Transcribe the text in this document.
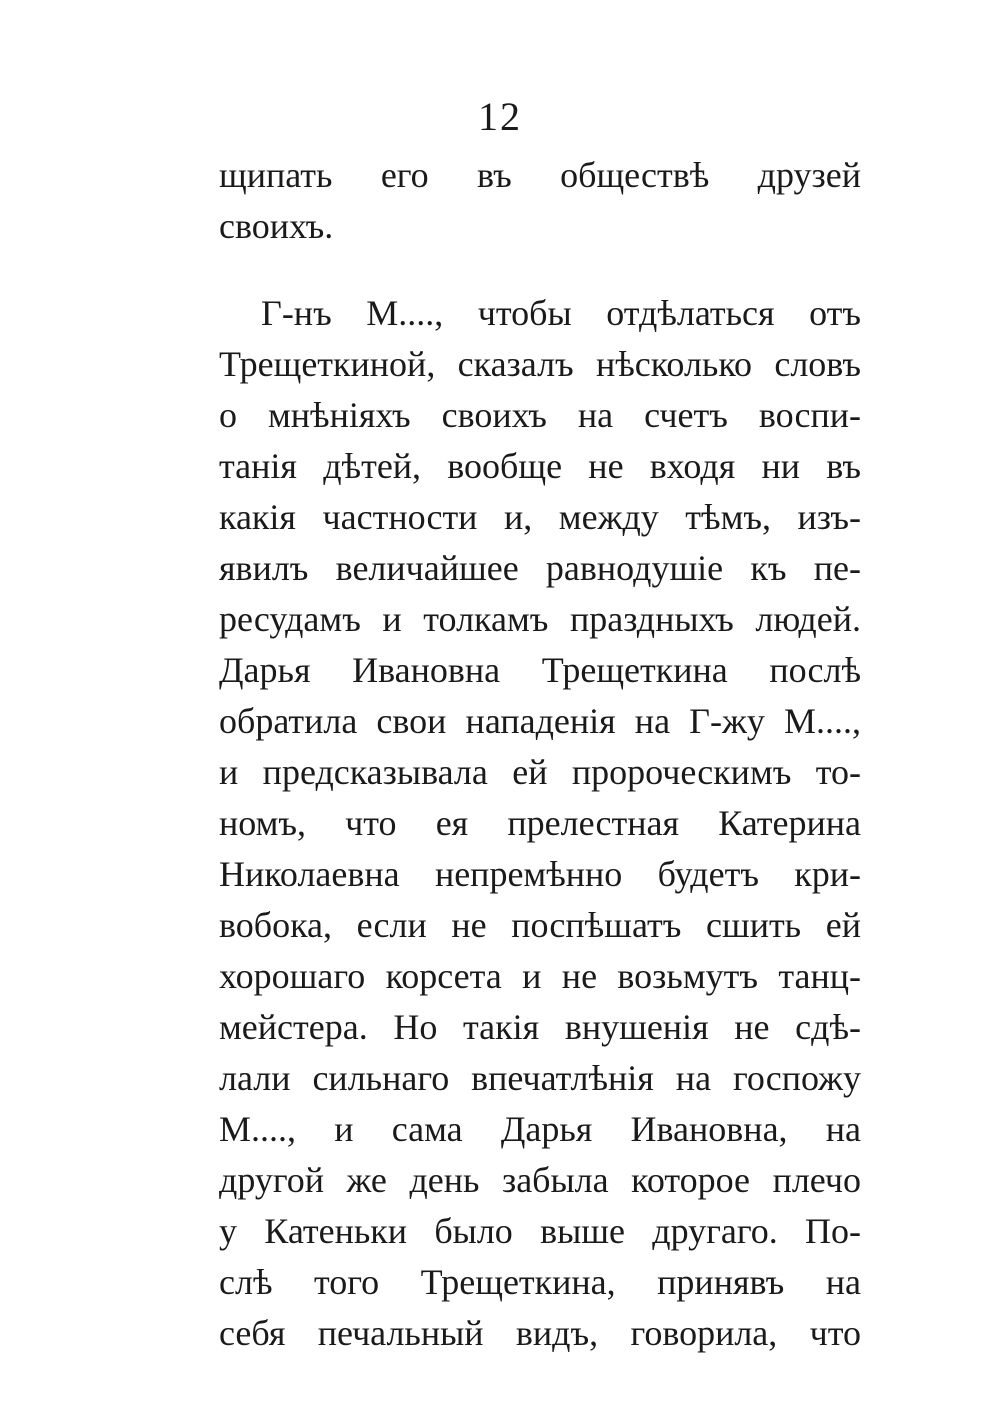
12
щипать его въ обществѣ друзей
своихъ.
Г-нъ М...., чтобы отдѣлаться отъ
Трещеткиной, сказалъ нѣсколько словъ
о мнѣніяхъ своихъ на счетъ воспи-
танія дѣтей, вообще не входя ни въ
какія частности и, между тѣмъ, изъ-
явилъ величайшее равнодушіе къ пе-
ресудамъ и толкамъ праздныхъ людей.
Дарья Ивановна Трещеткина послѣ
обратила свои нападенія на Г-жу М....,
и предсказывала ей пророческимъ то-
номъ, что ея прелестная Катерина
Николаевна непремѣнно будетъ кри-
вобока, если не поспѣшатъ сшить ей
хорошаго корсета и не возьмутъ танц-
мейстера. Но такія внушенія не сдѣ-
лали сильнаго впечатлѣнія на госпожу
М...., и сама Дарья Ивановна, на
другой же день забыла которое плечо
у Катеньки было выше другаго. По-
слѣ того Трещеткина, принявъ на
себя печальный видъ, говорила, что
